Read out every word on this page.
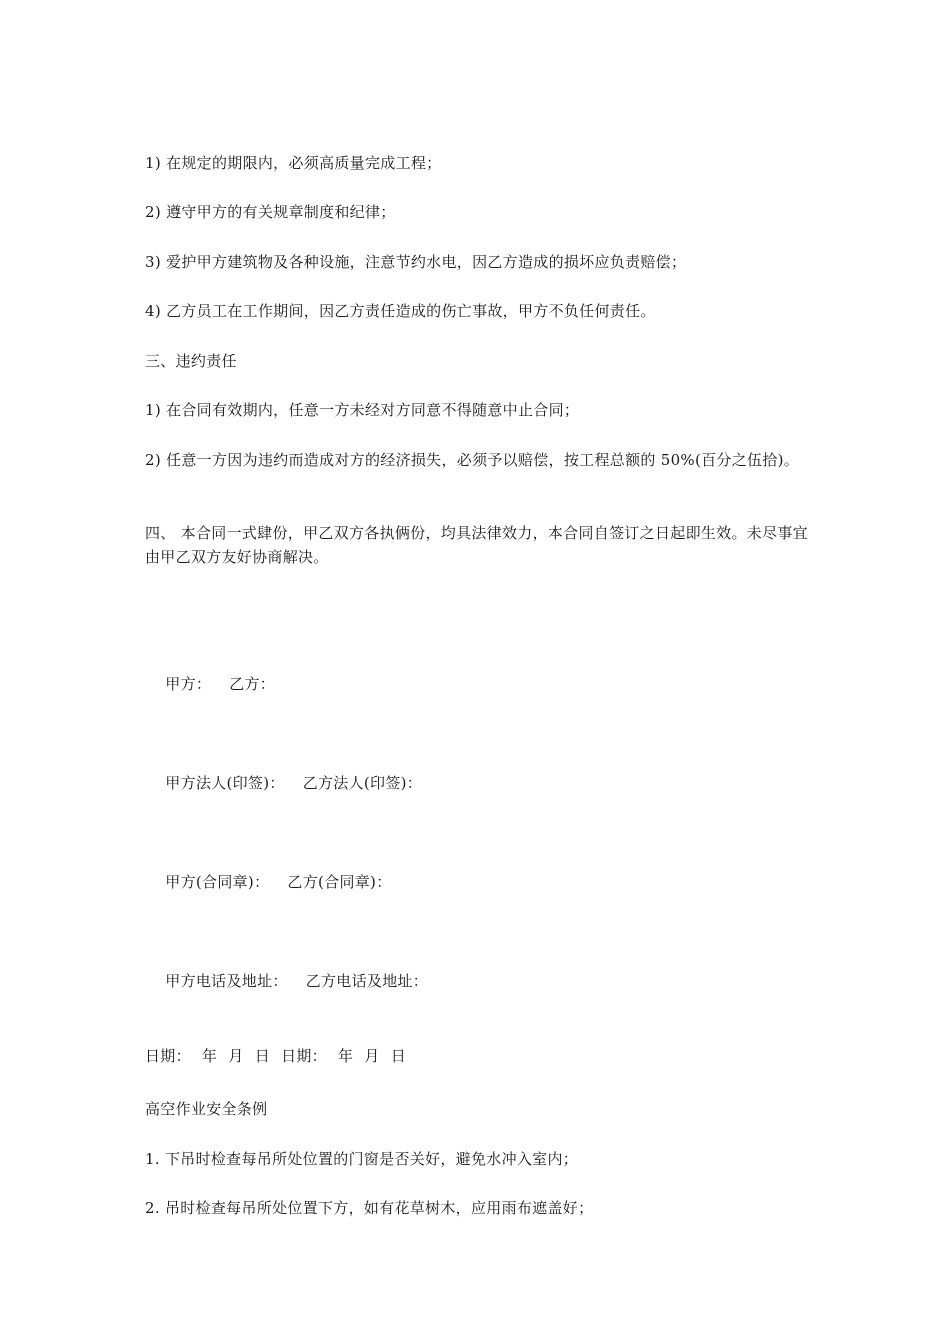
1) 在规定的期限内，必须高质量完成工程；
2) 遵守甲方的有关规章制度和纪律；
3) 爱护甲方建筑物及各种设施，注意节约水电，因乙方造成的损坏应负责赔偿；
4) 乙方员工在工作期间，因乙方责任造成的伤亡事故，甲方不负任何责任。
三、违约责任
1) 在合同有效期内，任意一方未经对方同意不得随意中止合同；
2) 任意一方因为违约而造成对方的经济损失，必须予以赔偿，按工程总额的 50%(百分之伍拾)。
四、 本合同一式肆份，甲乙双方各执俩份，均具法律效力，本合同自签订之日起即生效。未尽事宜由甲乙双方友好协商解决。

甲方： 乙方：

甲方法人(印签)： 乙方法人(印签)：

甲方(合同章)： 乙方(合同章)：

甲方电话及地址： 乙方电话及地址：

日期： 年 月 日 日期： 年 月 日
高空作业安全条例
1. 下吊时检查每吊所处位置的门窗是否关好，避免水冲入室内；
2. 吊时检查每吊所处位置下方，如有花草树木，应用雨布遮盖好；
